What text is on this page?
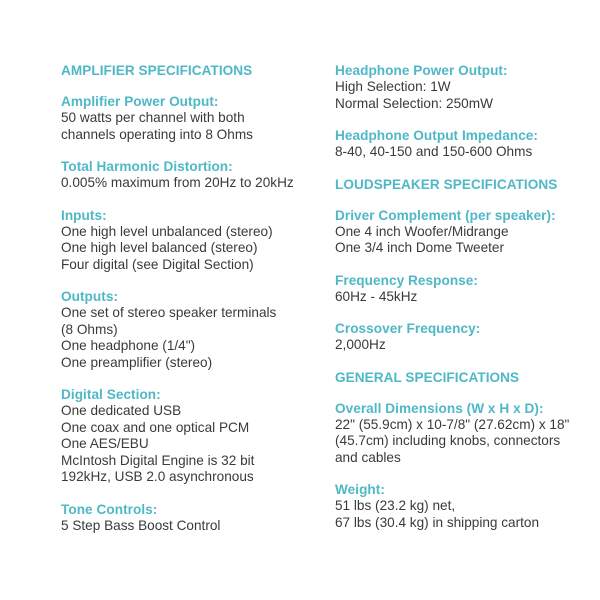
AMPLIFIER SPECIFICATIONS

Amplifier Power Output:

50 watts per channel with both

channels operating into 8 Ohms

Total Harmonic Distortion:

0.005% maximum from 20Hz to 20kHz

Inputs:

One high level unbalanced (stereo)

One high level balanced (stereo)

Four digital (see Digital Section)

Outputs:

One set of stereo speaker terminals

(8 Ohms)

One headphone (1/4")

One preamplifier (stereo)

Digital Section:

One dedicated USB

One coax and one optical PCM

One AES/EBU

McIntosh Digital Engine is 32 bit

192kHz, USB 2.0 asynchronous

Tone Controls:

5 Step Bass Boost Control

Headphone Power Output:

High Selection: 1W

Normal Selection: 250mW

Headphone Output Impedance:

8-40, 40-150 and 150-600 Ohms

LOUDSPEAKER SPECIFICATIONS

Driver Complement (per speaker):

One 4 inch Woofer/Midrange

One 3/4 inch Dome Tweeter

Frequency Response:

60Hz - 45kHz

Crossover Frequency:

2,000Hz

GENERAL SPECIFICATIONS

Overall Dimensions (W x H x D):

22" (55.9cm) x 10-7/8" (27.62cm) x 18"

(45.7cm) including knobs, connectors

and cables

Weight:

51 lbs (23.2 kg) net,

67 lbs (30.4 kg) in shipping carton
